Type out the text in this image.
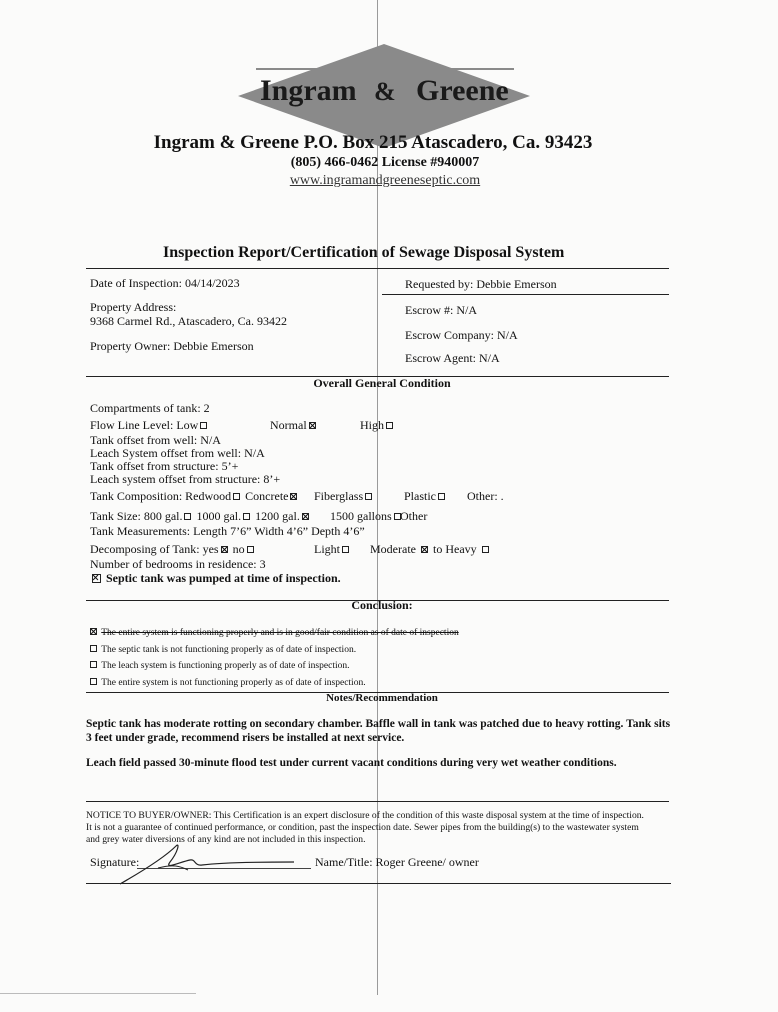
Ingram & Greene
Ingram & Greene P.O. Box 215 Atascadero, Ca. 93423
(805) 466-0462 License #940007
www.ingramandgreeneseptic.com
Inspection Report/Certification of Sewage Disposal System
Date of Inspection: 04/14/2023
Property Address:
9368 Carmel Rd., Atascadero, Ca. 93422
Property Owner: Debbie Emerson
Requested by: Debbie Emerson
Escrow #: N/A
Escrow Company: N/A
Escrow Agent: N/A
Overall General Condition
Compartments of tank: 2
Flow Line Level: Low	Normal	High
Tank offset from well: N/A
Leach System offset from well: N/A
Tank offset from structure: 5’+
Leach system offset from structure: 8’+
Tank Composition: Redwood Concrete	Fiberglass	Plastic	Other: .
Tank Size: 800 gal. 1000 gal. 1200 gal.	1500 gallons Other
Tank Measurements: Length 7’6” Width 4’6” Depth 4’6”
Decomposing of Tank: yes no	Light	Moderate to Heavy
Number of bedrooms in residence: 3
Septic tank was pumped at time of inspection.
Conclusion:
The entire system is functioning properly and is in good/fair condition as of date of inspection
The septic tank is not functioning properly as of date of inspection.
The leach system is functioning properly as of date of inspection.
The entire system is not functioning properly as of date of inspection.
Notes/Recommendation
Septic tank has moderate rotting on secondary chamber. Baffle wall in tank was patched due to heavy rotting. Tank sits
3 feet under grade, recommend risers be installed at next service.
Leach field passed 30-minute flood test under current vacant conditions during very wet weather conditions.
NOTICE TO BUYER/OWNER: This Certification is an expert disclosure of the condition of this waste disposal system at the time of inspection.
It is not a guarantee of continued performance, or condition, past the inspection date. Sewer pipes from the building(s) to the wastewater system
and grey water diversions of any kind are not included in this inspection.
Signature:	Name/Title: Roger Greene/ owner
